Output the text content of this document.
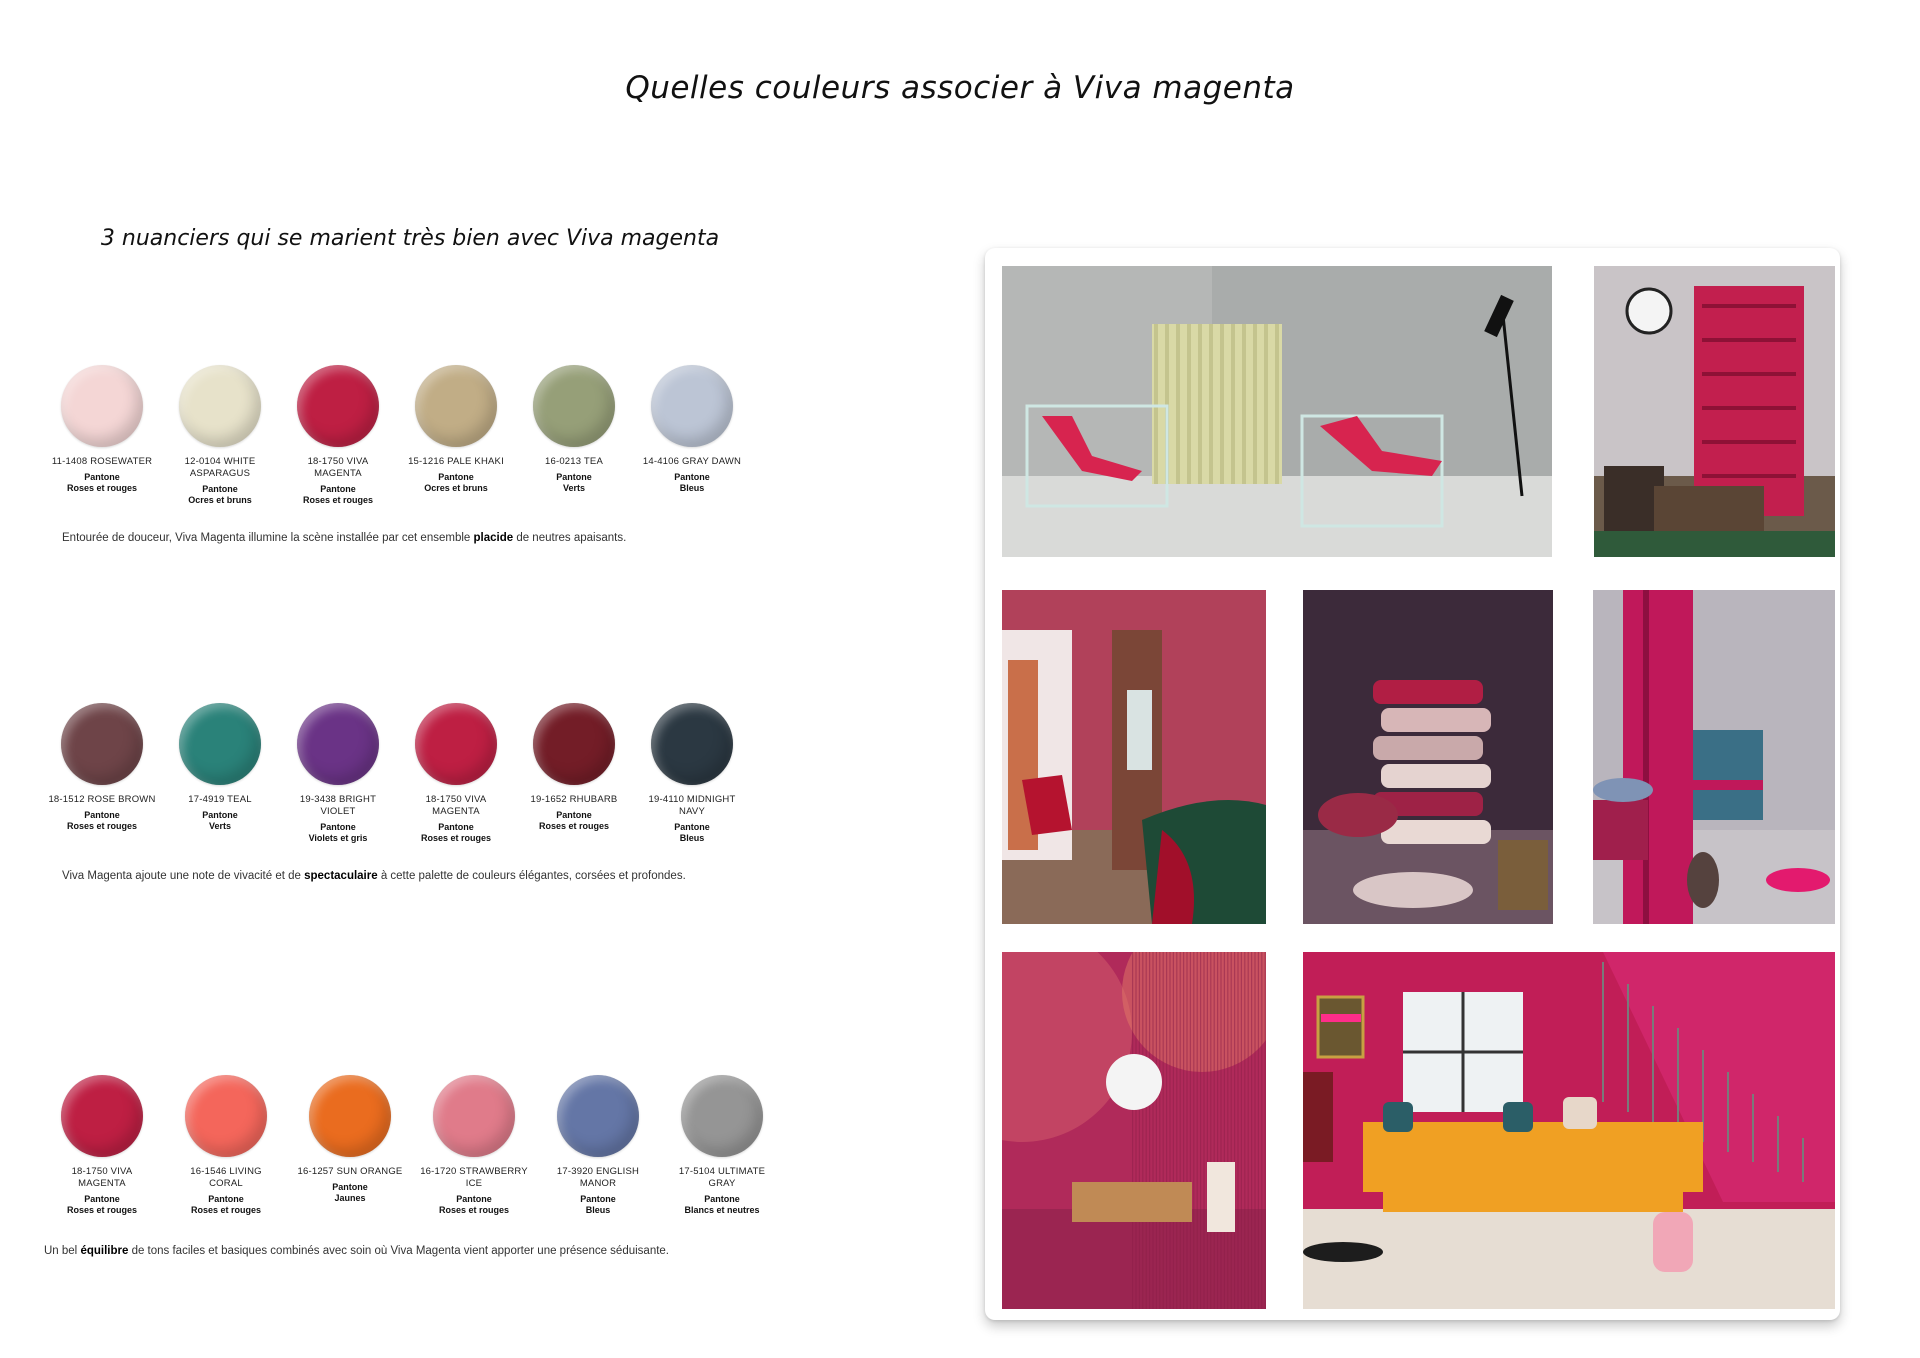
Quelles couleurs associer à Viva magenta
3 nuanciers qui se marient très bien avec Viva magenta
11-1408 ROSEWATER
Pantone
Roses et rouges
12-0104 WHITE
ASPARAGUS
Pantone
Ocres et bruns
18-1750 VIVA
MAGENTA
Pantone
Roses et rouges
15-1216 PALE KHAKI
Pantone
Ocres et bruns
16-0213 TEA
Pantone
Verts
14-4106 GRAY DAWN
Pantone
Bleus
Entourée de douceur, Viva Magenta illumine la scène installée par cet ensemble placide de neutres apaisants.
18-1512 ROSE BROWN
Pantone
Roses et rouges
17-4919 TEAL
Pantone
Verts
19-3438 BRIGHT
VIOLET
Pantone
Violets et gris
18-1750 VIVA
MAGENTA
Pantone
Roses et rouges
19-1652 RHUBARB
Pantone
Roses et rouges
19-4110 MIDNIGHT
NAVY
Pantone
Bleus
Viva Magenta ajoute une note de vivacité et de spectaculaire à cette palette de couleurs élégantes, corsées et profondes.
18-1750 VIVA
MAGENTA
Pantone
Roses et rouges
16-1546 LIVING
CORAL
Pantone
Roses et rouges
16-1257 SUN ORANGE
Pantone
Jaunes
16-1720 STRAWBERRY
ICE
Pantone
Roses et rouges
17-3920 ENGLISH
MANOR
Pantone
Bleus
17-5104 ULTIMATE
GRAY
Pantone
Blancs et neutres
Un bel équilibre de tons faciles et basiques combinés avec soin où Viva Magenta vient apporter une présence séduisante.
